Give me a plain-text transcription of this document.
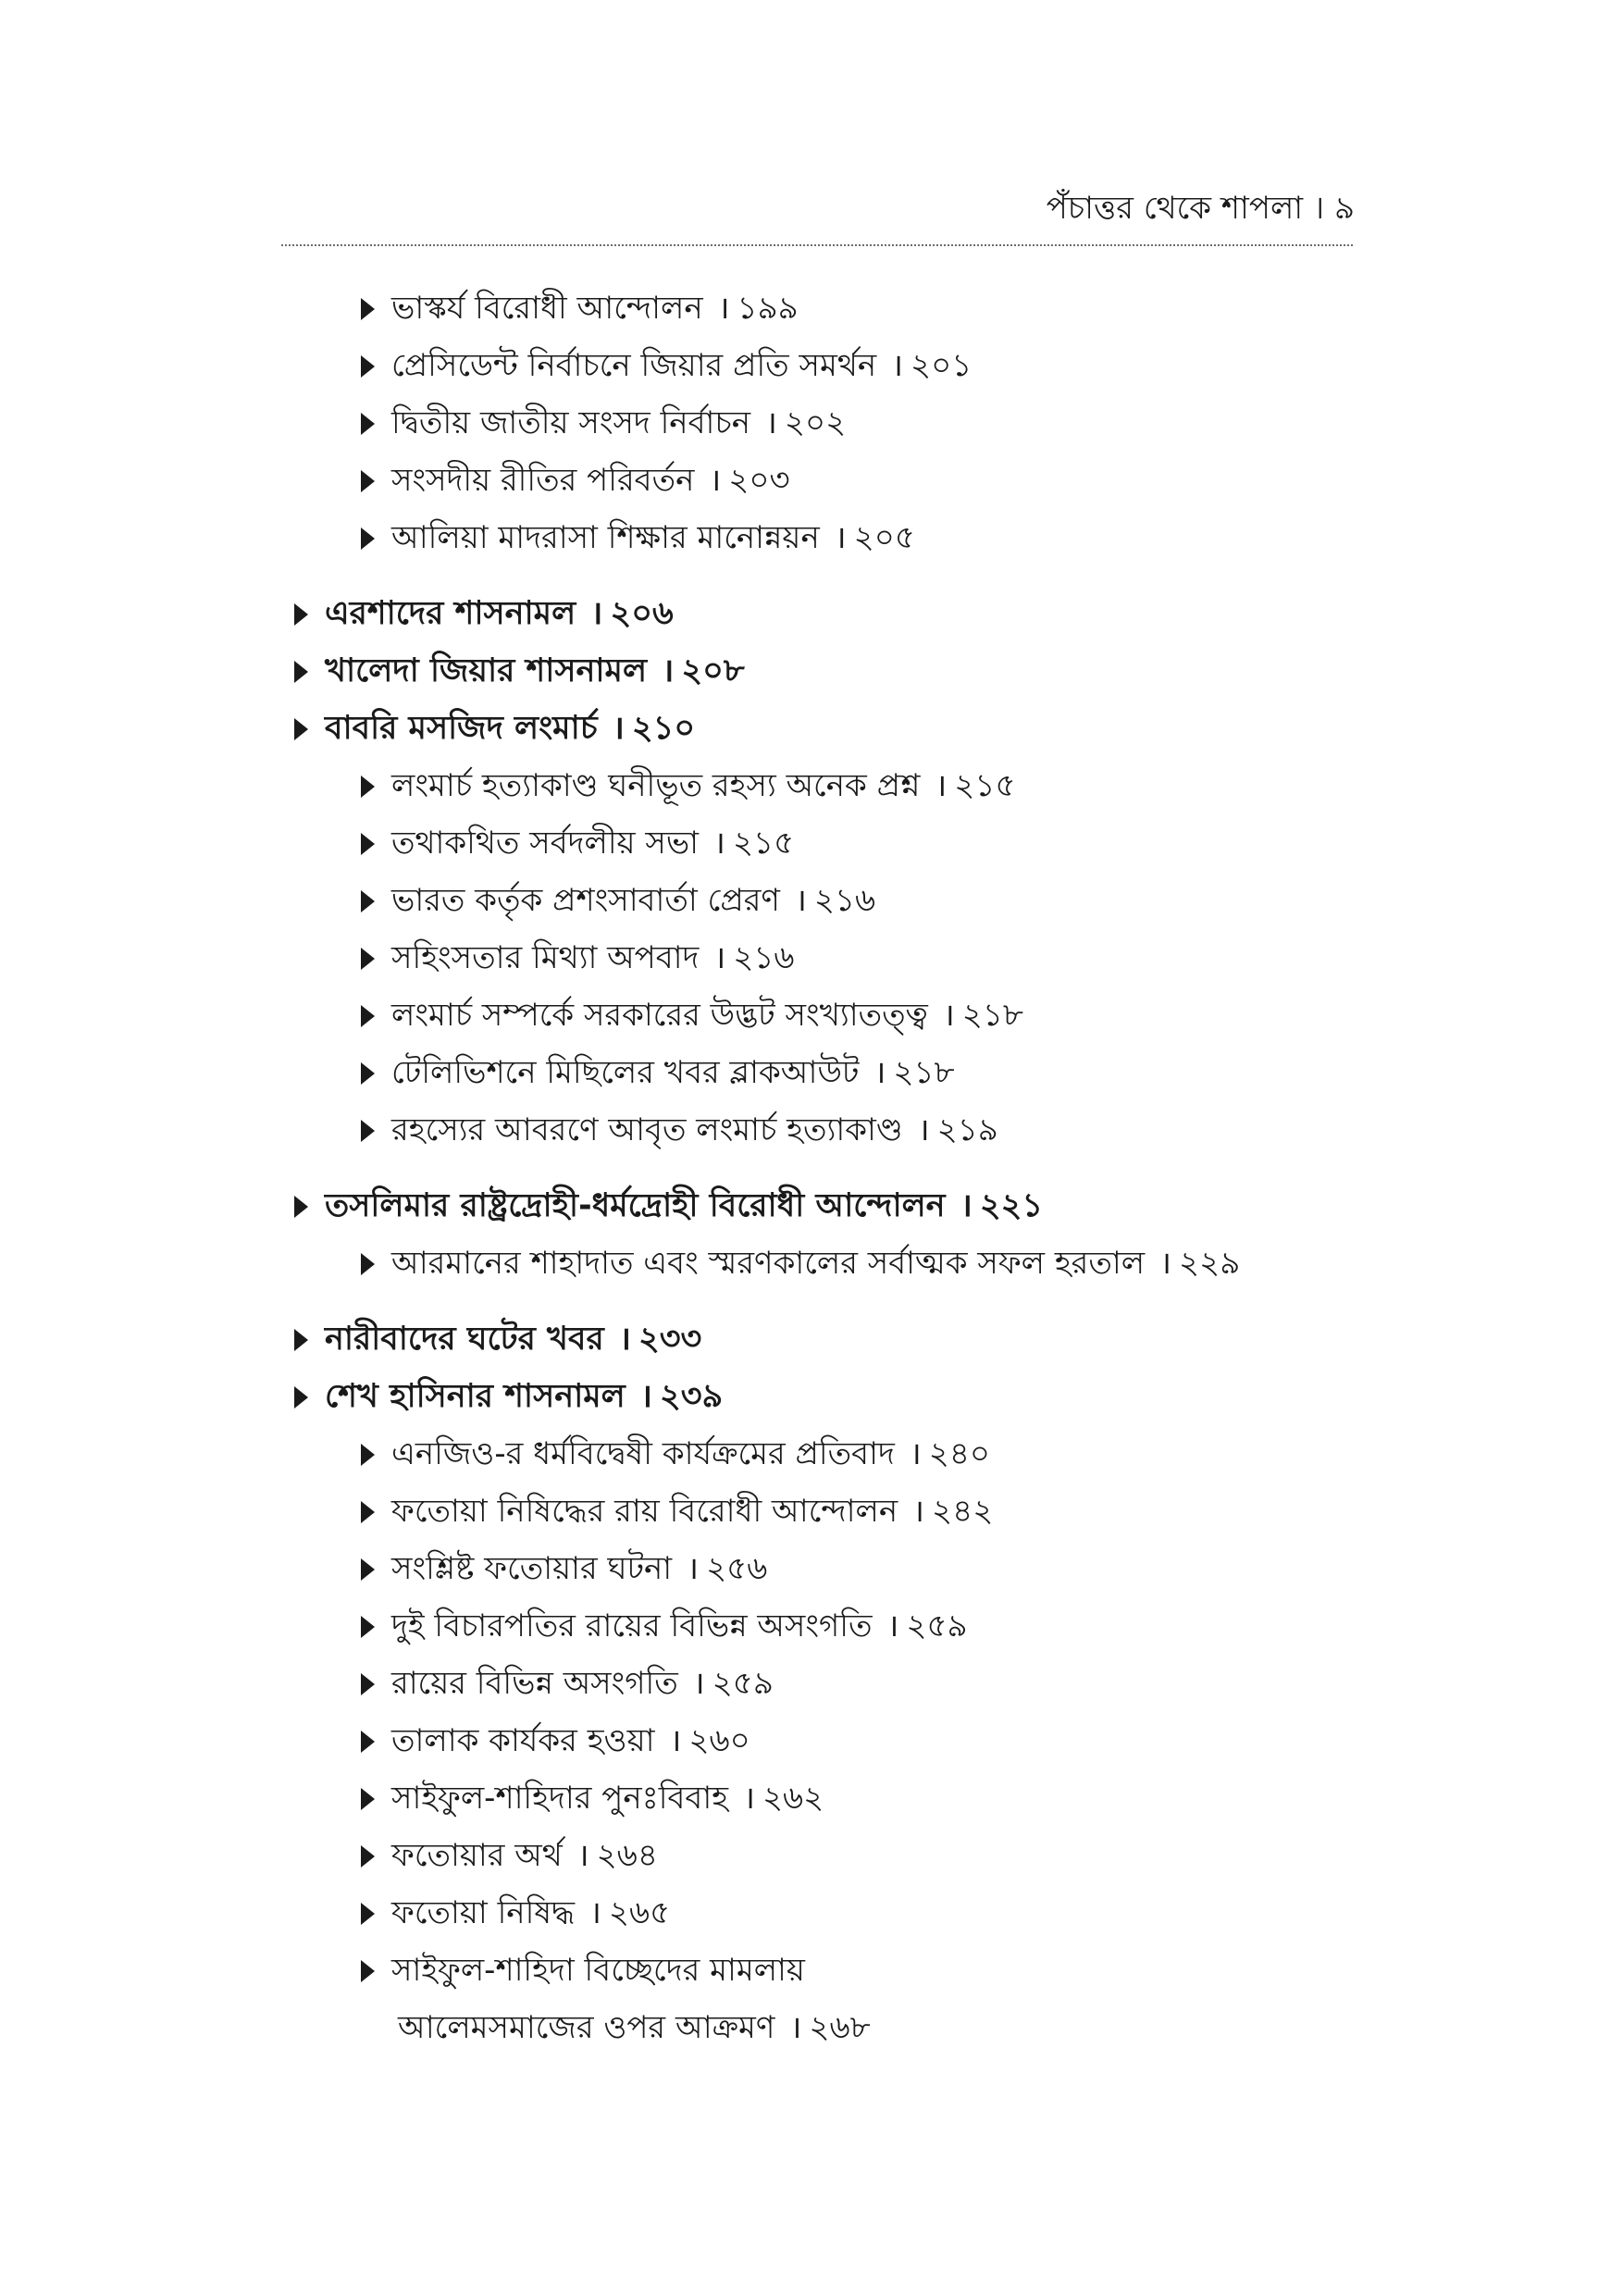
পঁচাত্তর থেকে শাপলা । ৯
ভাস্কর্য বিরোধী আন্দোলন । ১৯৯
প্রেসিডেন্ট নির্বাচনে জিয়ার প্রতি সমর্থন । ২০১
দ্বিতীয় জাতীয় সংসদ নির্বাচন । ২০২
সংসদীয় রীতির পরিবর্তন । ২০৩
আলিয়া মাদরাসা শিক্ষার মানোন্নয়ন । ২০৫
এরশাদের শাসনামল । ২০৬
খালেদা জিয়ার শাসনামল । ২০৮
বাবরি মসজিদ লংমার্চ । ২১০
লংমার্চ হত্যাকাণ্ড ঘনীভূত রহস্য অনেক প্রশ্ন । ২১৫
তথাকথিত সর্বদলীয় সভা । ২১৫
ভারত কর্তৃক প্রশংসাবার্তা প্রেরণ । ২১৬
সহিংসতার মিথ্যা অপবাদ । ২১৬
লংমার্চ সম্পর্কে সরকারের উদ্ভট সংখ্যাতত্ত্ব । ২১৮
টেলিভিশনে মিছিলের খবর ব্লাকআউট । ২১৮
রহস্যের আবরণে আবৃত লংমার্চ হত্যাকাণ্ড । ২১৯
তসলিমার রাষ্ট্রদ্রোহী-ধর্মদ্রোহী বিরোধী আন্দোলন । ২২১
আরমানের শাহাদাত এবং স্মরণকালের সর্বাত্মক সফল হরতাল । ২২৯
নারীবাদের ঘটের খবর । ২৩৩
শেখ হাসিনার শাসনামল । ২৩৯
এনজিও-র ধর্মবিদ্বেষী কার্যক্রমের প্রতিবাদ । ২৪০
ফতোয়া নিষিদ্ধের রায় বিরোধী আন্দোলন । ২৪২
সংশ্লিষ্ট ফতোয়ার ঘটনা । ২৫৬
দুই বিচারপতির রায়ের বিভিন্ন অসংগতি । ২৫৯
রায়ের বিভিন্ন অসংগতি । ২৫৯
তালাক কার্যকর হওয়া । ২৬০
সাইফুল-শাহিদার পুনঃবিবাহ । ২৬২
ফতোয়ার অর্থ । ২৬৪
ফতোয়া নিষিদ্ধ । ২৬৫
সাইফুল-শাহিদা বিচ্ছেদের মামলায়
আলেমসমাজের ওপর আক্রমণ । ২৬৮
